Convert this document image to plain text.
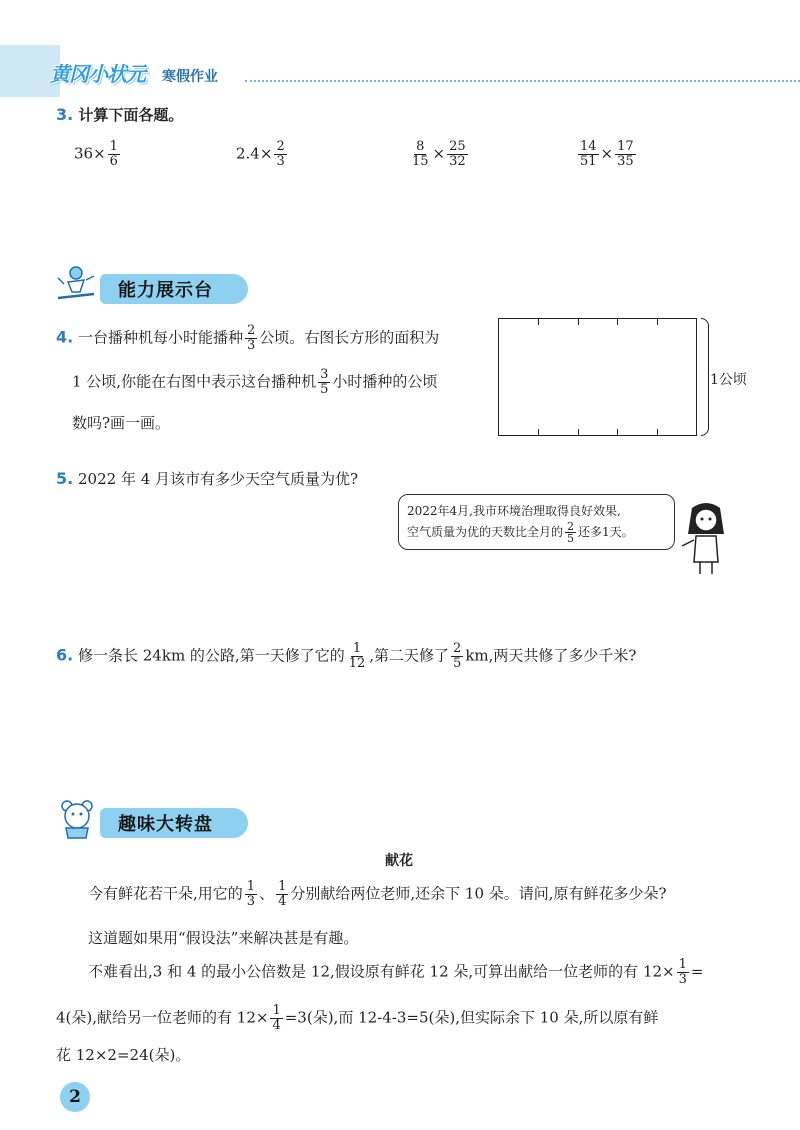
黄冈小状元 寒假作业
3. 计算下面各题。
$36\times \frac{1}{6}$	$2.4\times \frac{2}{3}$	$\frac{8}{15} \times \frac{25}{32}$	$\frac{14}{51} \times \frac{17}{35}$
能力展示台
4. 一台播种机每小时能播种 $\frac{2}{3}$ 公顷。右图长方形的面积为
1 公顷,你能在右图中表示这台播种机 $\frac{3}{5}$ 小时播种的公顷
数吗?画一画。
1公顷
5. 2022 年 4 月该市有多少天空气质量为优?
2022年4月,我市环境治理取得良好效果,
空气质量为优的天数比全月的 $\frac{2}{5}$ 还多1天。
6. 修一条长 24km 的公路,第一天修了它的 $\frac{1}{12}$ ,第二天修了 $\frac{2}{5}$ km,两天共修了多少千米?
趣味大转盘
献花
今有鲜花若干朵,用它的 $\frac{1}{3}$ 、 $\frac{1}{4}$ 分别献给两位老师,还余下 10 朵。请问,原有鲜花多少朵?
这道题如果用“假设法”来解决甚是有趣。
不难看出,3 和 4 的最小公倍数是 12,假设原有鲜花 12 朵,可算出献给一位老师的有 $12\times \frac{1}{3}$ =
4(朵),献给另一位老师的有 $12\times \frac{1}{4} =3$(朵),而 12-4-3=5(朵),但实际余下 10 朵,所以原有鲜
花 12×2=24(朵)。
2
